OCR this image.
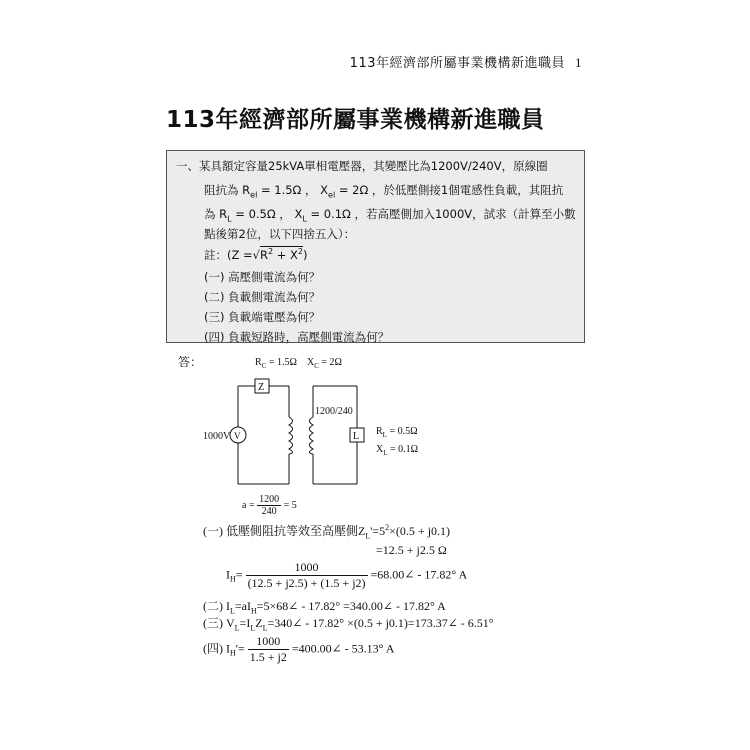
113年經濟部所屬事業機構新進職員 1
113年經濟部所屬事業機構新進職員
一、某具額定容量25kVA單相電壓器，其變壓比為1200V/240V，原線圈
阻抗為 $R_{el} = 1.5\Omega$ ， $X_{el} = 2\Omega$ ，於低壓側接1個電感性負載，其阻抗
為 $R_L = 0.5\Omega$ ， $X_L = 0.1\Omega$ ，若高壓側加入1000V，試求（計算至小數
點後第2位，以下四捨五入）：
註：$(Z =√R^2 + X^2)$
(一) 高壓側電流為何？
(二) 負載側電流為何？
(三) 負載端電壓為何？
(四) 負載短路時，高壓側電流為何？
答：	$R_C = 1.5\Omega$ $X_C = 2\Omega$
Z
1200/240
1000V V	L $R_L = 0.5\Omega$
$X_L = 0.1\Omega$
$a = \frac{1200}{240} = 5$
(一) 低壓側阻抗等效至高壓側$Z_L'=5^2\times(0.5 + j0.1)$
=12.5 + j2.5 Ω
$I_H= \frac{1000}{(12.5 + j2.5) + (1.5 + j2)}$ =68.00∠ - 17.82° A
(二) $I_L=aI_H=5\times 68\angle - 17.82^\circ$ =340.00∠ - 17.82° A
(三) $V_L=I_LZ_L=340\angle - 17.82^\circ \times(0.5$ + j0.1)=173.37∠ - 6.51°
(四) $I_H'= \frac{1000}{1.5 + j2}$ =400.00∠ - 53.13° A
